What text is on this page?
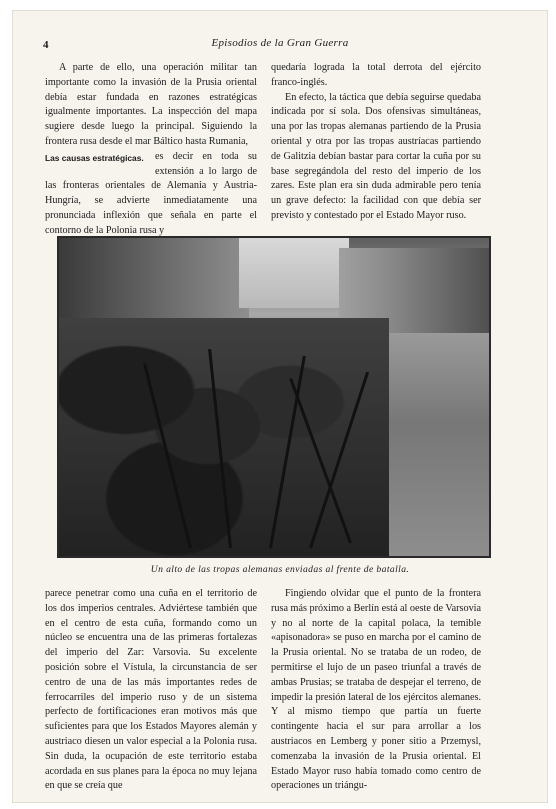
4	Episodios de la Gran Guerra

A parte de ello, una operación militar tan importante como la invasión de la Prusia oriental debía estar fundada en razones estratégicas igualmente importantes. La inspección del mapa sugiere desde luego la principal. Siguiendo la frontera rusa desde el mar Báltico hasta Rumania,

Las causas estratégicas.	es decir en toda su extensión a lo largo de las fronteras orientales de Alemania y Austria-Hungría, se advierte inmediatamente una pronunciada inflexión que señala en parte el contorno de la Polonia rusa y

quedaría lograda la total derrota del ejército franco-inglés.

En efecto, la táctica que debía seguirse quedaba indicada por sí sola. Dos ofensivas simultáneas, una por las tropas alemanas partiendo de la Prusia oriental y otra por las tropas austríacas partiendo de Galitzia debían bastar para cortar la cuña por su base segregándola del resto del imperio de los zares. Este plan era sin duda admirable pero tenía un grave defecto: la facilidad con que debía ser previsto y contestado por el Estado Mayor ruso.

Un alto de las tropas alemanas enviadas al frente de batalla.

parece penetrar como una cuña en el territorio de los dos imperios centrales. Adviértese también que en el centro de esta cuña, formando como un núcleo se encuentra una de las primeras fortalezas del imperio del Zar: Varsovia. Su excelente posición sobre el Vístula, la circunstancia de ser centro de una de las más importantes redes de ferrocarriles del imperio ruso y de un sistema perfecto de fortificaciones eran motivos más que suficientes para que los Estados Mayores alemán y austriaco diesen un valor especial a la Polonia rusa. Sin duda, la ocupación de este territorio estaba acordada en sus planes para la época no muy lejana en que se creía que

Fingiendo olvidar que el punto de la frontera rusa más próximo a Berlín está al oeste de Varsovia y no al norte de la capital polaca, la temible «apisonadora» se puso en marcha por el camino de la Prusia oriental. No se trataba de un rodeo, de permitirse el lujo de un paseo triunfal a través de ambas Prusias; se trataba de despejar el terreno, de impedir la presión lateral de los ejércitos alemanes. Y al mismo tiempo que partía un fuerte contingente hacia el sur para arrollar a los austriacos en Lemberg y poner sitio a Przemysl, comenzaba la invasión de la Prusia oriental. El Estado Mayor ruso había tomado como centro de operaciones un triángu-
